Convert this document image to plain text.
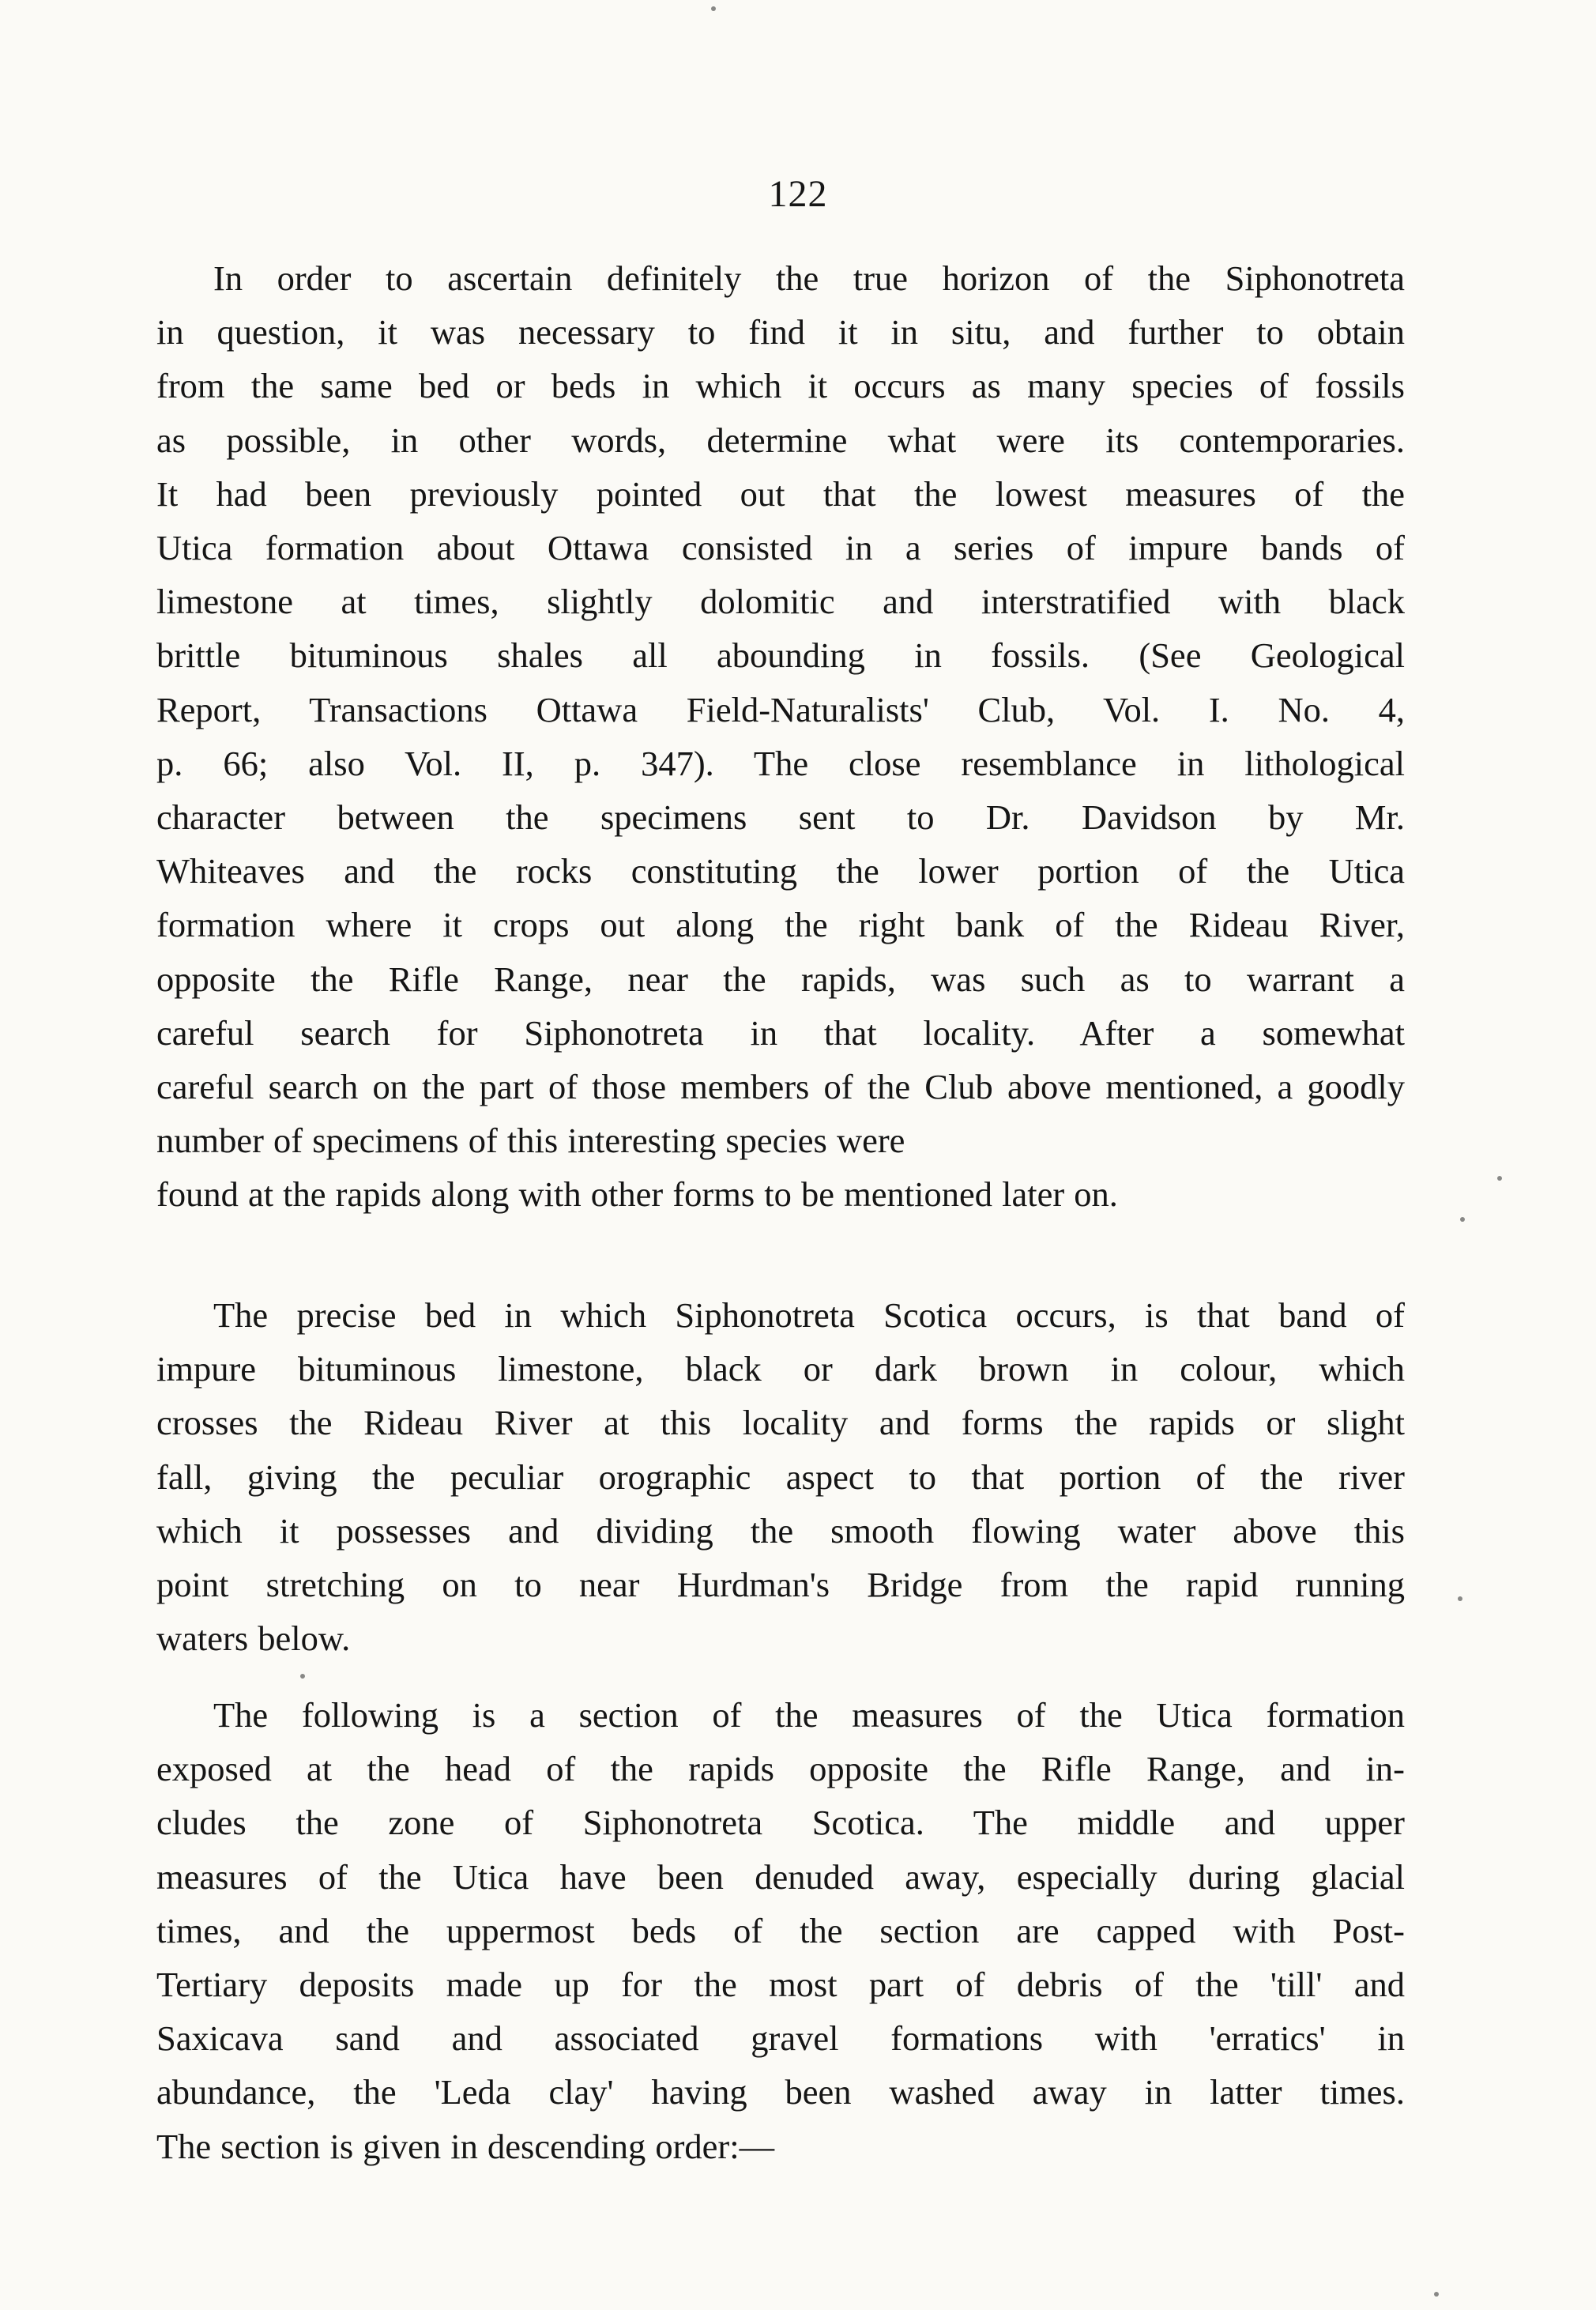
122

In order to ascertain definitely the true horizon of the Siphonotreta
in question, it was necessary to find it in situ, and further to obtain
from the same bed or beds in which it occurs as many species of fossils
as possible, in other words, determine what were its contemporaries.
It had been previously pointed out that the lowest measures of the
Utica formation about Ottawa consisted in a series of impure bands of
limestone at times, slightly dolomitic and interstratified with black
brittle bituminous shales all abounding in fossils. (See Geological
Report, Transactions Ottawa Field-Naturalists' Club, Vol. I. No. 4,
p. 66; also Vol. II, p. 347). The close resemblance in lithological
character between the specimens sent to Dr. Davidson by Mr.
Whiteaves and the rocks constituting the lower portion of the Utica
formation where it crops out along the right bank of the Rideau River,
opposite the Rifle Range, near the rapids, was such as to warrant a
careful search for Siphonotreta in that locality. After a somewhat
careful search on the part of those members of the Club above mentioned, a goodly number of specimens of this interesting species were
found at the rapids along with other forms to be mentioned later on.

The precise bed in which Siphonotreta Scotica occurs, is that band of
impure bituminous limestone, black or dark brown in colour, which
crosses the Rideau River at this locality and forms the rapids or slight
fall, giving the peculiar orographic aspect to that portion of the river
which it possesses and dividing the smooth flowing water above this
point stretching on to near Hurdman's Bridge from the rapid running
waters below.

The following is a section of the measures of the Utica formation
exposed at the head of the rapids opposite the Rifle Range, and in-
cludes the zone of Siphonotreta Scotica. The middle and upper
measures of the Utica have been denuded away, especially during glacial
times, and the uppermost beds of the section are capped with Post-
Tertiary deposits made up for the most part of debris of the 'till' and
Saxicava sand and associated gravel formations with 'erratics' in
abundance, the 'Leda clay' having been washed away in latter times.
The section is given in descending order:—
